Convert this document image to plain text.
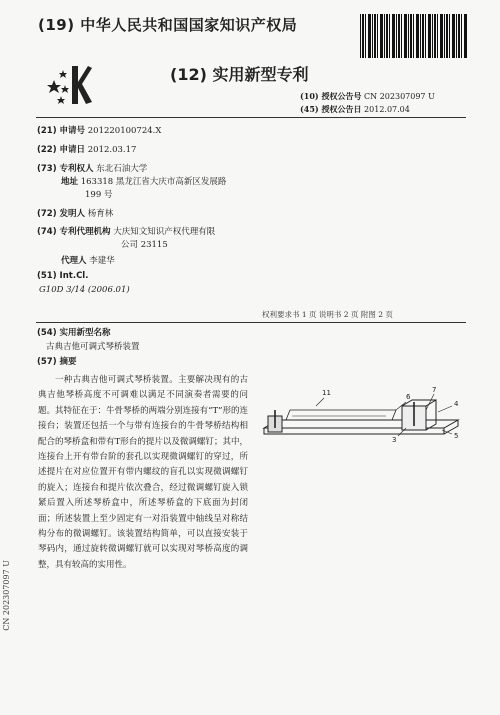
(19) 中华人民共和国国家知识产权局
(12) 实用新型专利
(10) 授权公告号 CN 202307097 U
(45) 授权公告日 2012.07.04
(21) 申请号 201220100724.X
(22) 申请日 2012.03.17
(73) 专利权人 东北石油大学
地址 163318 黑龙江省大庆市高新区发展路
199 号
(72) 发明人 杨育林
(74) 专利代理机构 大庆知文知识产权代理有限
公司 23115
代理人 李建华
(51) Int.Cl.
G10D 3/14 (2006.01)
权利要求书 1 页 说明书 2 页 附图 2 页
(54) 实用新型名称
古典吉他可调式琴桥装置
(57) 摘要
一种古典吉他可调式琴桥装置。主要解决现有的古典吉他琴桥高度不可调难以满足不同演奏者需要的问题。其特征在于：牛骨琴桥的两端分别连接有“T”形的连接台；装置还包括一个与带有连接台的牛骨琴桥结构相配合的琴桥盒和带有T形台的提片以及微调螺钉；其中，连接台上开有带台阶的套孔以实现微调螺钉的穿过，所述提片在对应位置开有带内螺纹的盲孔以实现微调螺钉的旋入；连接台和提片依次叠合，经过微调螺钉旋入锁紧后置入所述琴桥盒中，所述琴桥盒的下底面为封闭面；所述装置上至少固定有一对沿装置中轴线呈对称结构分布的微调螺钉。该装置结构简单，可以直接安装于琴码内，通过旋转微调螺钉就可以实现对琴桥高度的调整，具有较高的实用性。
CN 202307097 U
11	6
7
4
3	5
